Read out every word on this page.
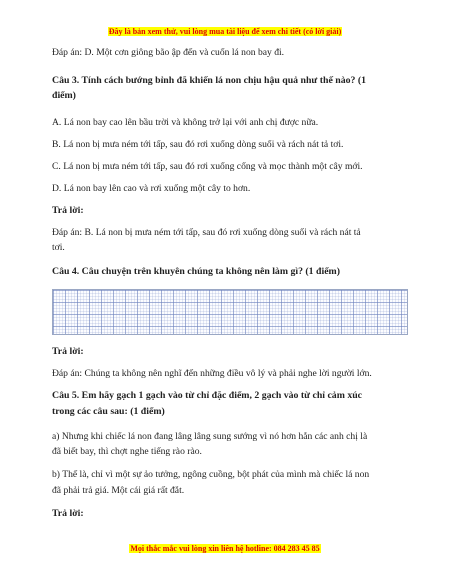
Đây là bản xem thử, vui lòng mua tài liệu để xem chi tiết (có lời giải)
Đáp án: D. Một cơn giông bão ập đến và cuốn lá non bay đi.
Câu 3. Tính cách bướng bỉnh đã khiến lá non chịu hậu quả như thế nào? (1
điểm)
A. Lá non bay cao lên bầu trời và không trở lại với anh chị được nữa.
B. Lá non bị mưa ném tới tấp, sau đó rơi xuống dòng suối và rách nát tả tơi.
C. Lá non bị mưa ném tới tấp, sau đó rơi xuống cống và mọc thành một cây mới.
D. Lá non bay lên cao và rơi xuống một cây to hơn.
Trả lời:
Đáp án: B. Lá non bị mưa ném tới tấp, sau đó rơi xuống dòng suối và rách nát tả
tơi.
Câu 4. Câu chuyện trên khuyên chúng ta không nên làm gì? (1 điểm)
Trả lời:
Đáp án: Chúng ta không nên nghĩ đến những điều vô lý và phải nghe lời người lớn.
Câu 5. Em hãy gạch 1 gạch vào từ chỉ đặc điểm, 2 gạch vào từ chỉ cảm xúc
trong các câu sau: (1 điểm)
a) Nhưng khi chiếc lá non đang lâng lâng sung sướng vì nó hơn hẳn các anh chị là
đã biết bay, thì chợt nghe tiếng rào rào.
b) Thế là, chỉ vì một sự ảo tưởng, ngông cuồng, bột phát của mình mà chiếc lá non
đã phải trả giá. Một cái giá rất đắt.
Trả lời:
Mọi thắc mắc vui lòng xin liên hệ hotline: 084 283 45 85
